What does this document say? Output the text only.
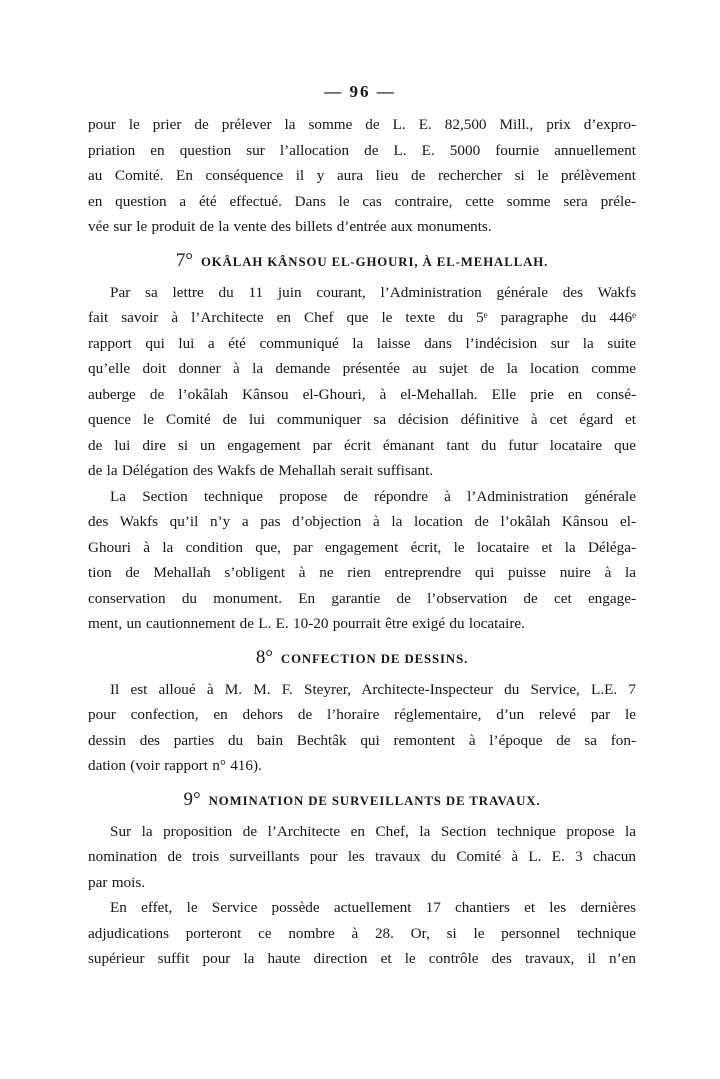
— 96 —
pour le prier de prélever la somme de L. E. 82,500 Mill., prix d’expro-
priation en question sur l’allocation de L. E. 5000 fournie annuellement
au Comité. En conséquence il y aura lieu de rechercher si le prélèvement
en question a été effectué. Dans le cas contraire, cette somme sera préle-
vée sur le produit de la vente des billets d’entrée aux monuments.
7° OKÂLAH KÂNSOU EL-GHOURI, À EL-MEHALLAH.
Par sa lettre du 11 juin courant, l’Administration générale des Wakfs
fait savoir à l’Architecte en Chef que le texte du 5ᵉ paragraphe du 446ᵉ
rapport qui lui a été communiqué la laisse dans l’indécision sur la suite
qu’elle doit donner à la demande présentée au sujet de la location comme
auberge de l’okâlah Kânsou el-Ghouri, à el-Mehallah. Elle prie en consé-
quence le Comité de lui communiquer sa décision définitive à cet égard et
de lui dire si un engagement par écrit émanant tant du futur locataire que
de la Délégation des Wakfs de Mehallah serait suffisant.
La Section technique propose de répondre à l’Administration générale
des Wakfs qu’il n’y a pas d’objection à la location de l’okâlah Kânsou el-
Ghouri à la condition que, par engagement écrit, le locataire et la Déléga-
tion de Mehallah s’obligent à ne rien entreprendre qui puisse nuire à la
conservation du monument. En garantie de l’observation de cet engage-
ment, un cautionnement de L. E. 10-20 pourrait être exigé du locataire.
8° CONFECTION DE DESSINS.
Il est alloué à M. M. F. Steyrer, Architecte-Inspecteur du Service, L.E. 7
pour confection, en dehors de l’horaire réglementaire, d’un relevé par le
dessin des parties du bain Bechtâk qui remontent à l’époque de sa fon-
dation (voir rapport n° 416).
9° NOMINATION DE SURVEILLANTS DE TRAVAUX.
Sur la proposition de l’Architecte en Chef, la Section technique propose la
nomination de trois surveillants pour les travaux du Comité à L. E. 3 chacun
par mois.
En effet, le Service possède actuellement 17 chantiers et les dernières
adjudications porteront ce nombre à 28. Or, si le personnel technique
supérieur suffit pour la haute direction et le contrôle des travaux, il n’en
